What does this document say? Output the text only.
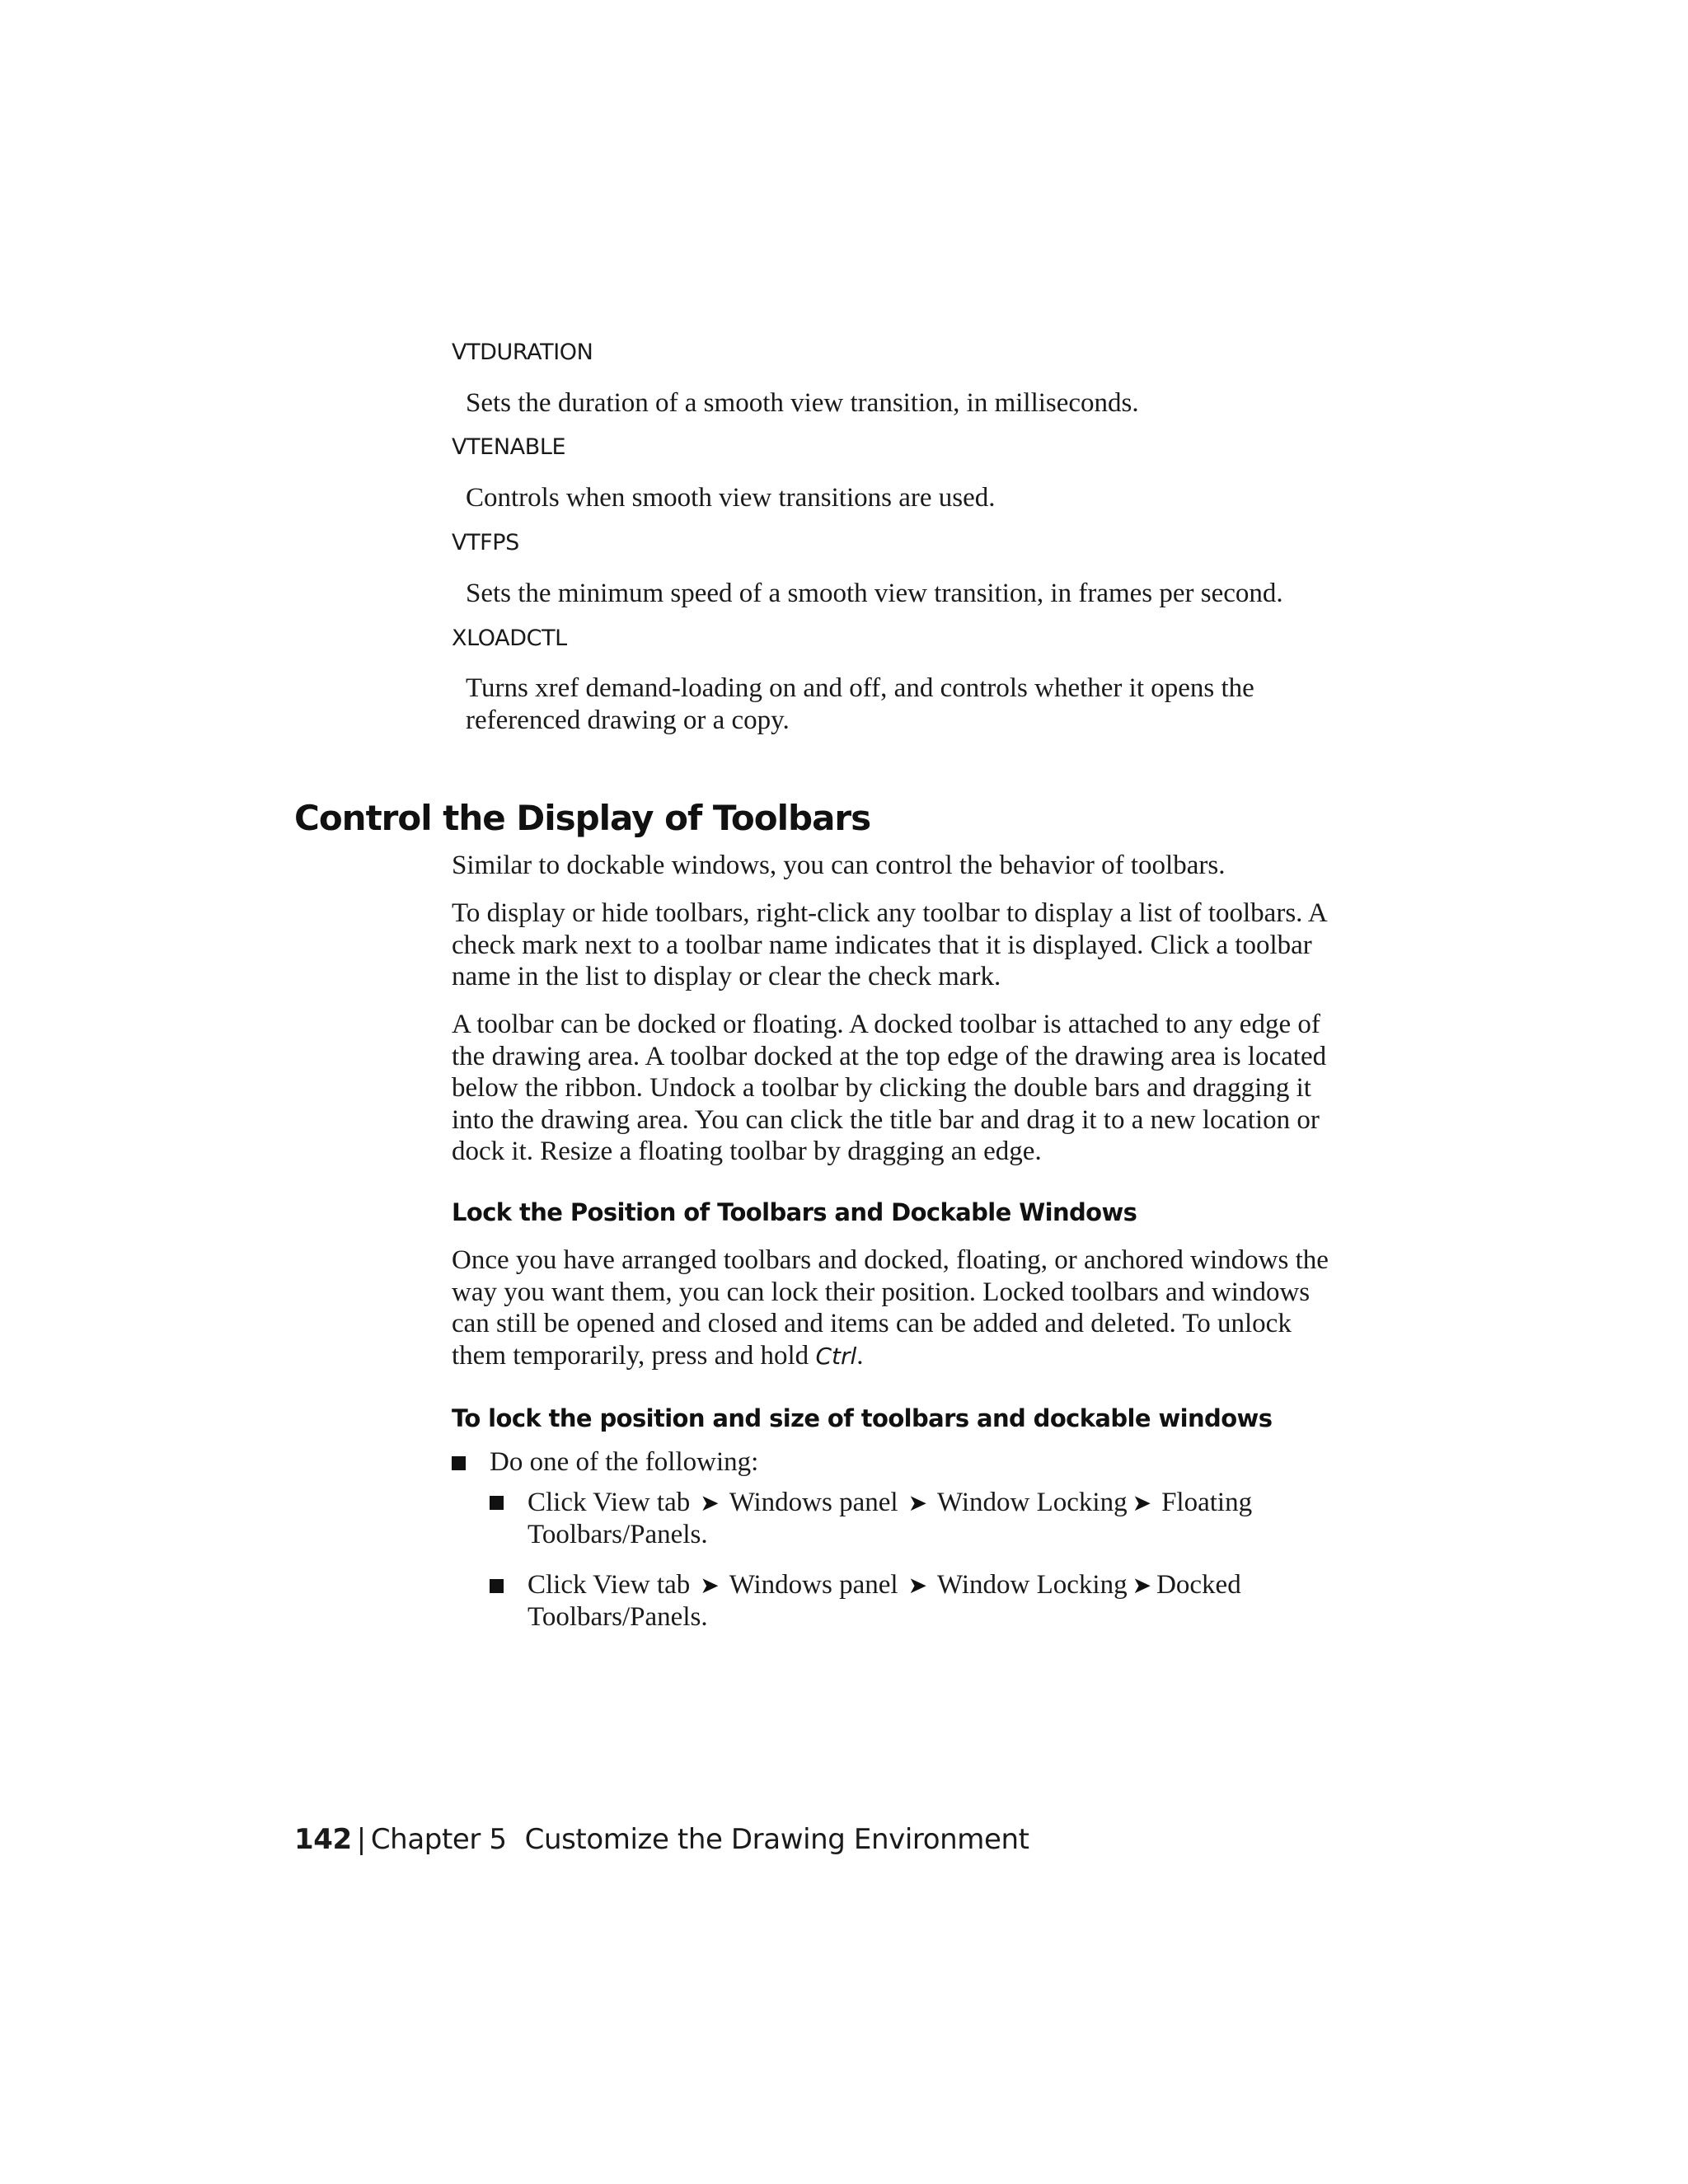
VTDURATION
Sets the duration of a smooth view transition, in milliseconds.
VTENABLE
Controls when smooth view transitions are used.
VTFPS
Sets the minimum speed of a smooth view transition, in frames per second.
XLOADCTL
Turns xref demand-loading on and off, and controls whether it opens the referenced drawing or a copy.
Control the Display of Toolbars
Similar to dockable windows, you can control the behavior of toolbars.
To display or hide toolbars, right-click any toolbar to display a list of toolbars. A check mark next to a toolbar name indicates that it is displayed. Click a toolbar name in the list to display or clear the check mark.
A toolbar can be docked or floating. A docked toolbar is attached to any edge of the drawing area. A toolbar docked at the top edge of the drawing area is located below the ribbon. Undock a toolbar by clicking the double bars and dragging it into the drawing area. You can click the title bar and drag it to a new location or dock it. Resize a floating toolbar by dragging an edge.
Lock the Position of Toolbars and Dockable Windows
Once you have arranged toolbars and docked, floating, or anchored windows the way you want them, you can lock their position. Locked toolbars and windows can still be opened and closed and items can be added and deleted. To unlock them temporarily, press and hold Ctrl.
To lock the position and size of toolbars and dockable windows
Do one of the following:
Click View tab ➤ Windows panel ➤ Window Locking ➤ Floating
Toolbars/Panels.
Click View tab ➤ Windows panel ➤ Window Locking ➤ Docked
Toolbars/Panels.
142 | Chapter 5 Customize the Drawing Environment
